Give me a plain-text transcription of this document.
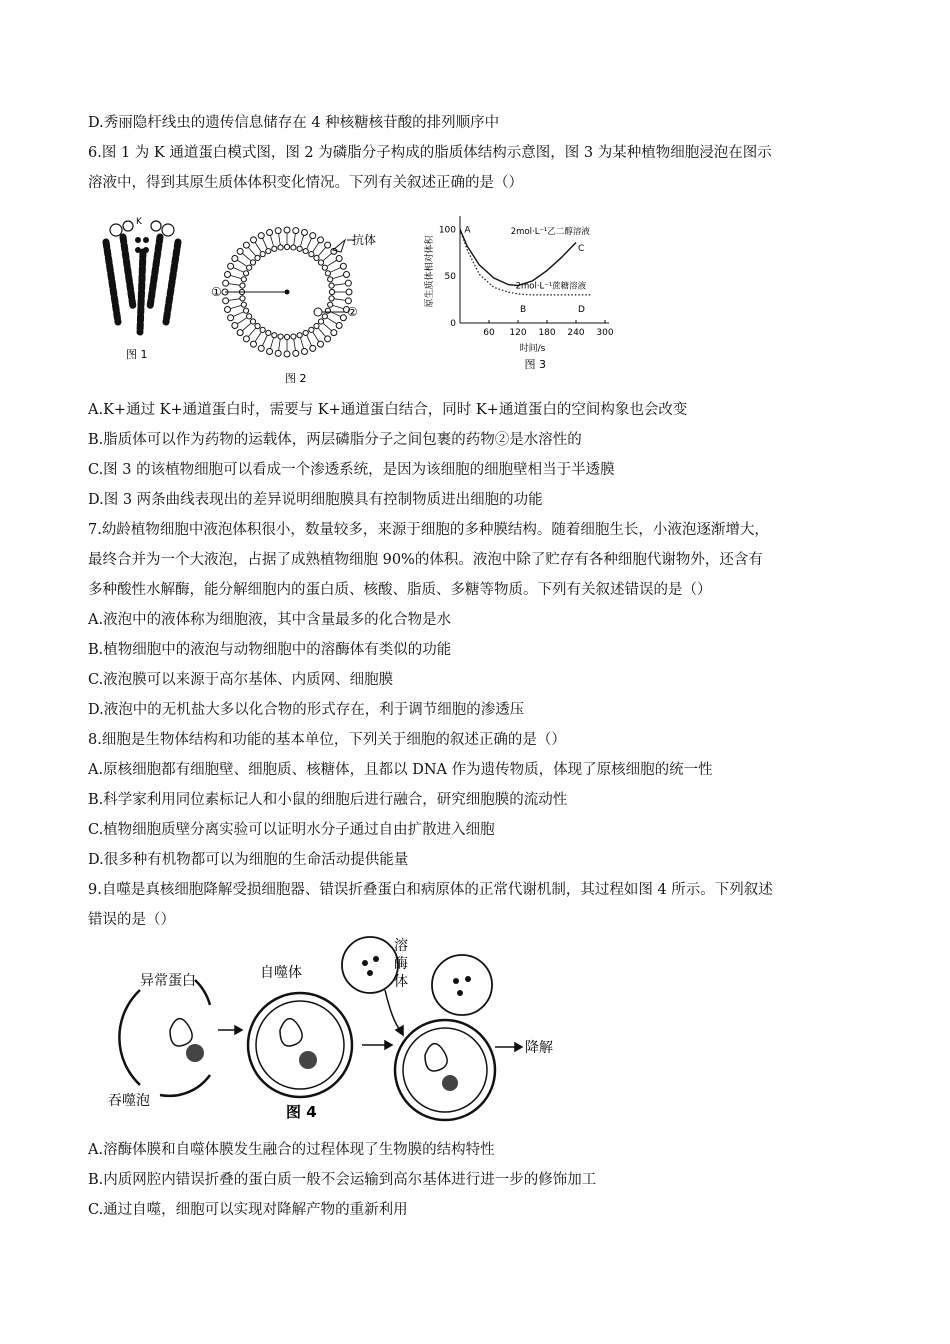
D.秀丽隐杆线虫的遗传信息储存在 4 种核糖核苷酸的排列顺序中
6.图 1 为 K 通道蛋白模式图，图 2 为磷脂分子构成的脂质体结构示意图，图 3 为某种植物细胞浸泡在图示
溶液中，得到其原生质体体积变化情况。下列有关叙述正确的是（）
K
图 1
①
②
抗体
图 2
60 120 180 240 300
0
50
100
时间/s
原生质体相对体积
2mol·L⁻¹乙二醇溶液
2mol·L⁻¹蔗糖溶液
A
B
C
D
图 3
A.K+通过 K+通道蛋白时，需要与 K+通道蛋白结合，同时 K+通道蛋白的空间构象也会改变
B.脂质体可以作为药物的运载体，两层磷脂分子之间包裹的药物②是水溶性的
C.图 3 的该植物细胞可以看成一个渗透系统，是因为该细胞的细胞壁相当于半透膜
D.图 3 两条曲线表现出的差异说明细胞膜具有控制物质进出细胞的功能
7.幼龄植物细胞中液泡体积很小，数量较多，来源于细胞的多种膜结构。随着细胞生长，小液泡逐渐增大，
最终合并为一个大液泡，占据了成熟植物细胞 90%的体积。液泡中除了贮存有各种细胞代谢物外，还含有
多种酸性水解酶，能分解细胞内的蛋白质、核酸、脂质、多糖等物质。下列有关叙述错误的是（）
A.液泡中的液体称为细胞液，其中含量最多的化合物是水
B.植物细胞中的液泡与动物细胞中的溶酶体有类似的功能
C.液泡膜可以来源于高尔基体、内质网、细胞膜
D.液泡中的无机盐大多以化合物的形式存在，利于调节细胞的渗透压
8.细胞是生物体结构和功能的基本单位，下列关于细胞的叙述正确的是（）
A.原核细胞都有细胞壁、细胞质、核糖体，且都以 DNA 作为遗传物质，体现了原核细胞的统一性
B.科学家利用同位素标记人和小鼠的细胞后进行融合，研究细胞膜的流动性
C.植物细胞质壁分离实验可以证明水分子通过自由扩散进入细胞
D.很多种有机物都可以为细胞的生命活动提供能量
9.自噬是真核细胞降解受损细胞器、错误折叠蛋白和病原体的正常代谢机制，其过程如图 4 所示。下列叙述
错误的是（）
异常蛋白
吞噬泡
自噬体
溶
酶
体
降解
图 4
A.溶酶体膜和自噬体膜发生融合的过程体现了生物膜的结构特性
B.内质网腔内错误折叠的蛋白质一般不会运输到高尔基体进行进一步的修饰加工
C.通过自噬，细胞可以实现对降解产物的重新利用
